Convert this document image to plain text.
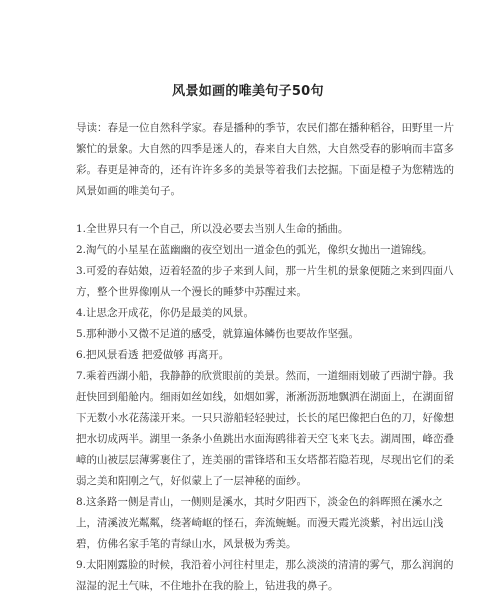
风景如画的唯美句子50句

导读：春是一位自然科学家。春是播种的季节，农民们都在播种稻谷，田野里一片繁忙的景象。大自然的四季是迷人的，春来自大自然，大自然受春的影响而丰富多彩。春更是神奇的，还有许许多多的美景等着我们去挖掘。下面是橙子为您精选的风景如画的唯美句子。

1.全世界只有一个自己，所以没必要去当别人生命的插曲。

2.淘气的小星星在蓝幽幽的夜空划出一道金色的弧光，像织女抛出一道锦线。

3.可爱的春姑娘，迈着轻盈的步子来到人间，那一片生机的景象便随之来到四面八方，整个世界像刚从一个漫长的睡梦中苏醒过来。

4.让思念开成花，你仍是最美的风景。

5.那种渺小又微不足道的感受，就算遍体鳞伤也要故作坚强。

6.把风景看透 把爱做够 再离开。

7.乘着西湖小船，我静静的欣赏眼前的美景。然而，一道细雨划破了西湖宁静。我赶快回到船舱内。细雨如丝如线，如烟如雾，淅淅沥沥地飘洒在湖面上，在湖面留下无数小水花荡漾开来。一只只游船轻轻驶过，长长的尾巴像把白色的刀，好像想把水切成两半。湖里一条条小鱼跳出水面海鸥徘着天空飞来飞去。湖周围，峰峦叠嶂的山被层层薄雾裹住了，连美丽的雷锋塔和玉女塔都若隐若现，尽现出它们的柔弱之美和阳刚之气，好似蒙上了一层神秘的面纱。

8.这条路一侧是青山，一侧则是溪水，其时夕阳西下，淡金色的斜晖照在溪水之上，清溪波光粼粼，绕著崎岖的怪石，奔流蜿蜒。而漫天霞光淡紫，衬出远山浅碧，仿佛名家手笔的青绿山水，风景极为秀美。

9.太阳刚露脸的时候，我沿着小河往村里走，那么淡淡的清清的雾气，那么润润的湿湿的泥土气味，不住地扑在我的脸上，钻进我的鼻子。
